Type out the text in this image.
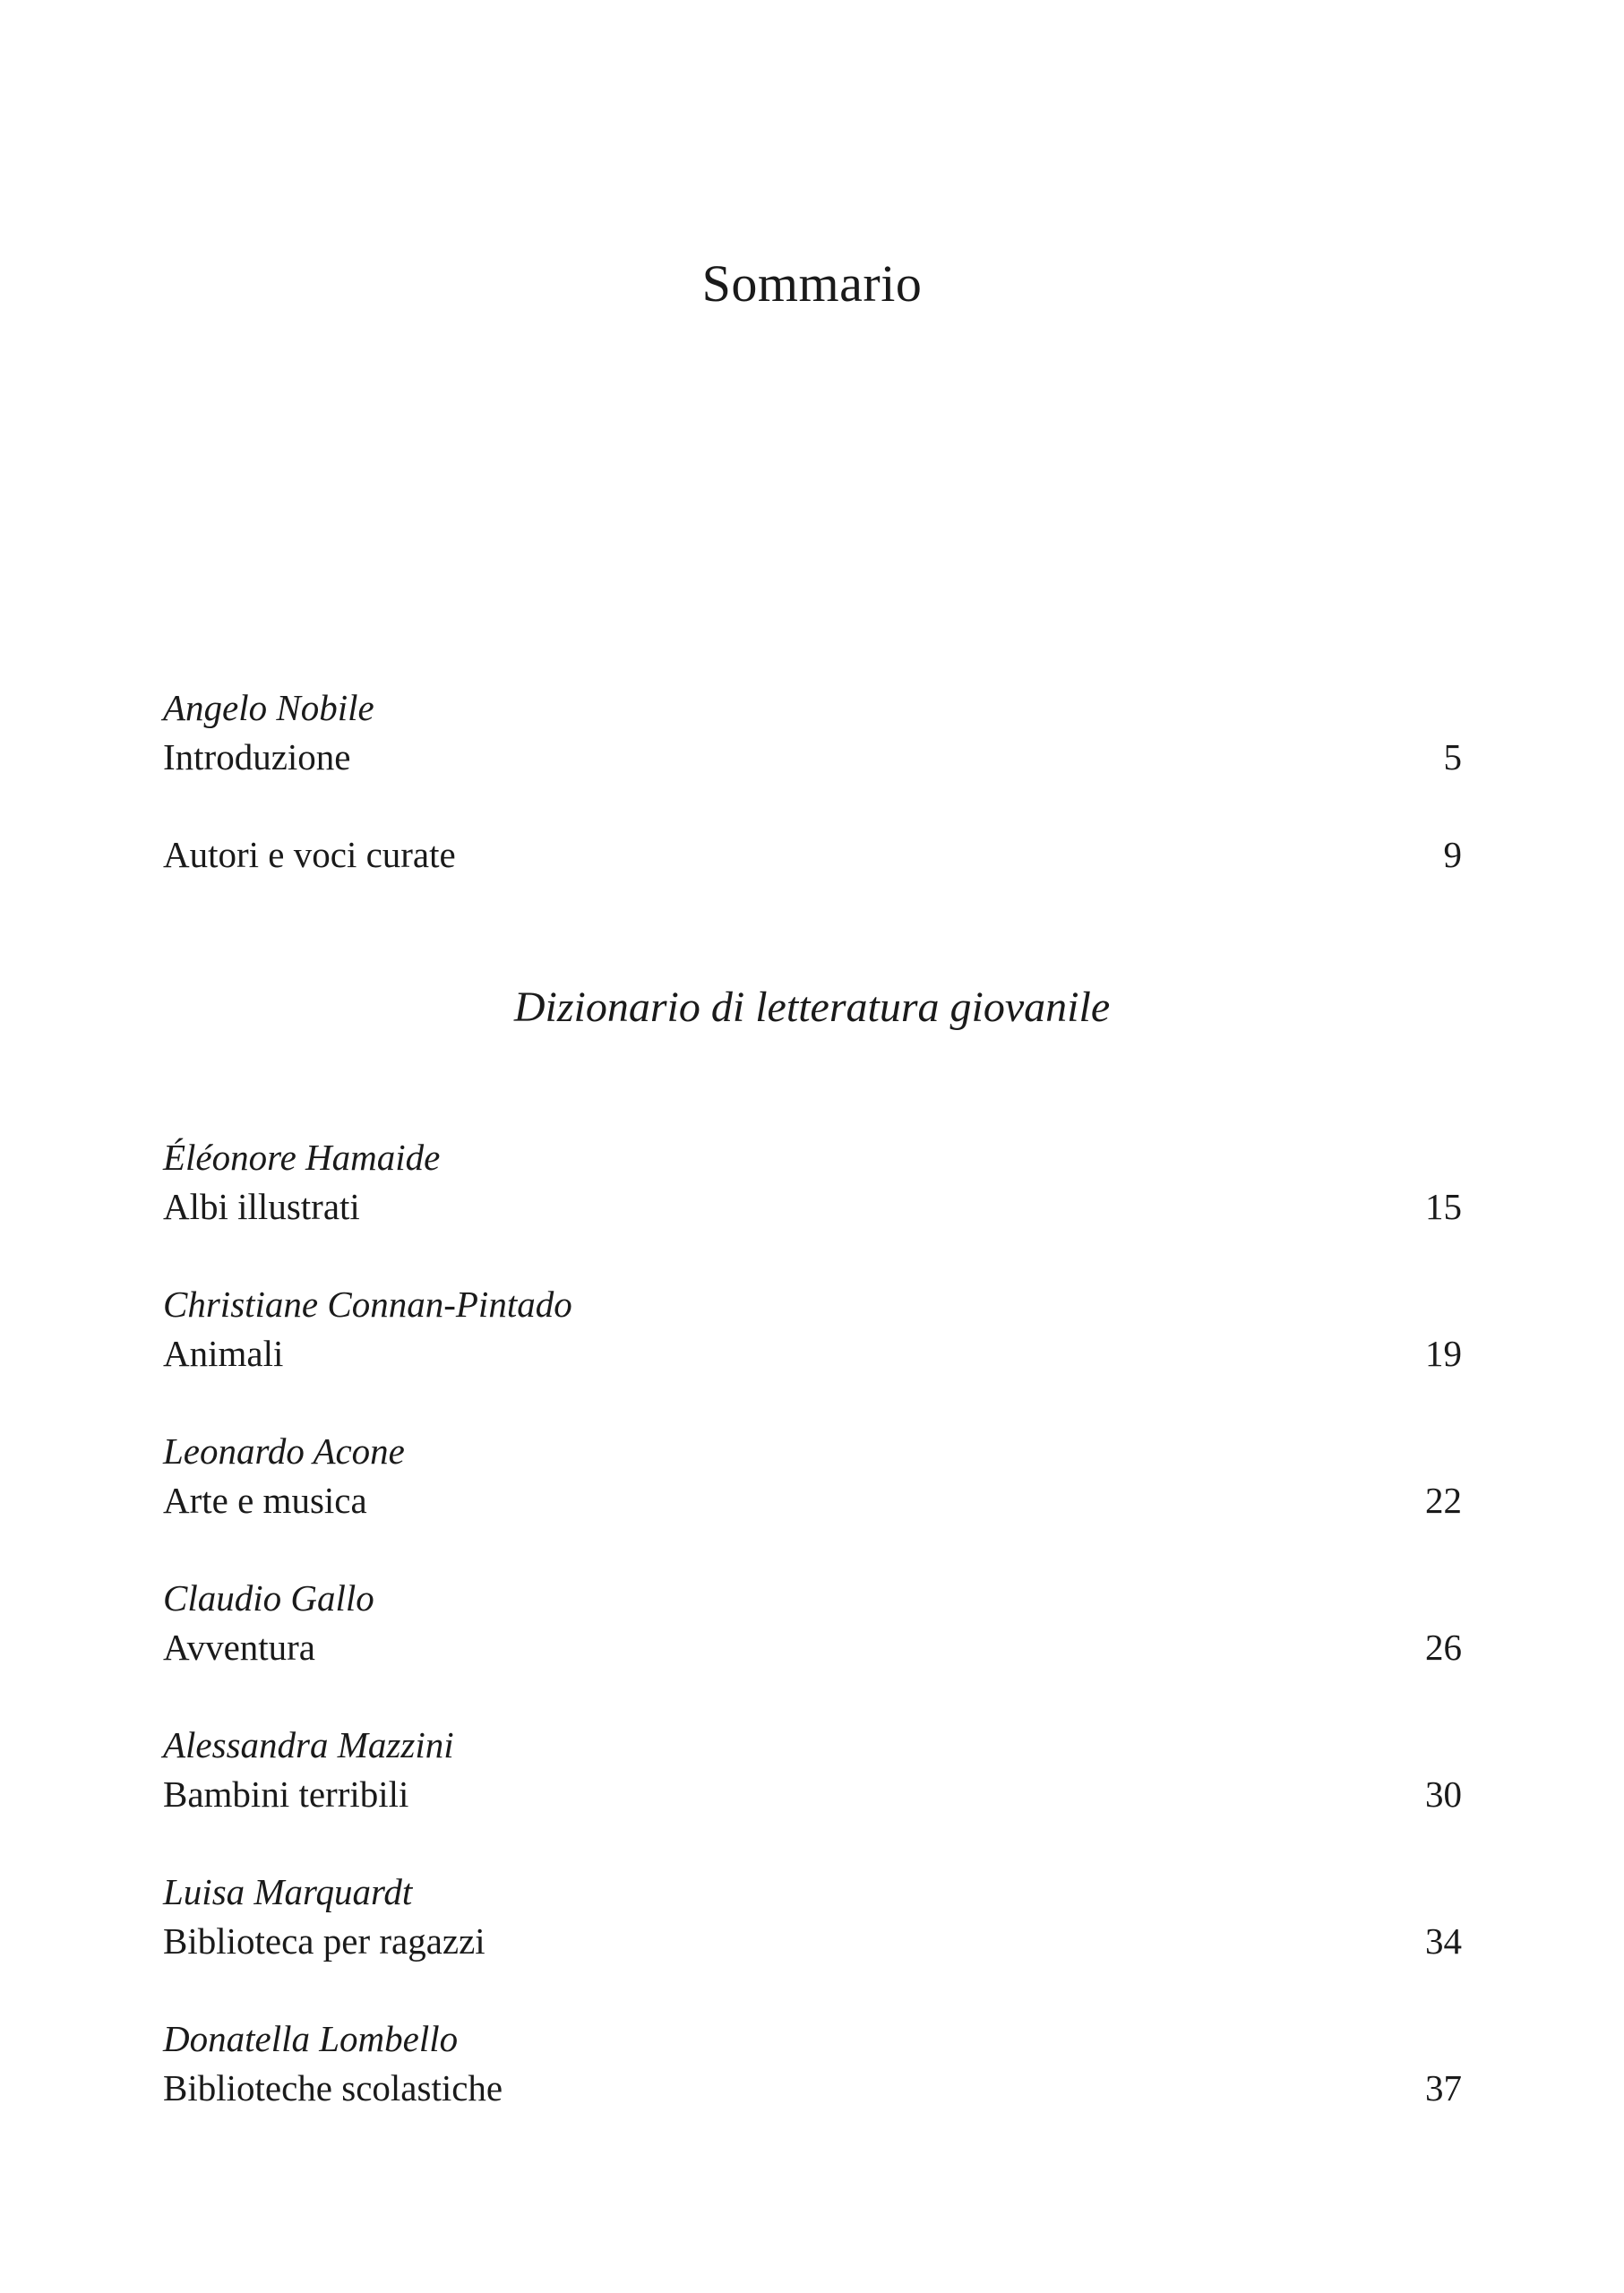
Sommario
Angelo Nobile
Introduzione	5
Autori e voci curate	9
Dizionario di letteratura giovanile
Éléonore Hamaide
Albi illustrati	15
Christiane Connan-Pintado
Animali	19
Leonardo Acone
Arte e musica	22
Claudio Gallo
Avventura	26
Alessandra Mazzini
Bambini terribili	30
Luisa Marquardt
Biblioteca per ragazzi	34
Donatella Lombello
Biblioteche scolastiche	37
